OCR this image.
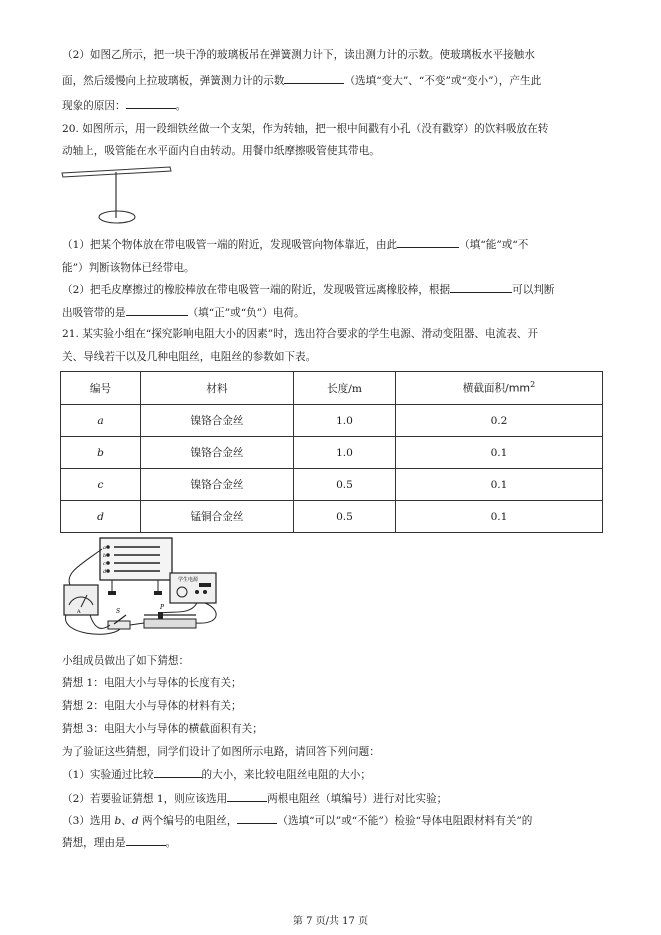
（2）如图乙所示，把一块干净的玻璃板吊在弹簧测力计下，读出测力计的示数。使玻璃板水平接触水

面，然后缓慢向上拉玻璃板，弹簧测力计的示数	（选填“变大”、“不变”或“变小”），产生此

现象的原因：	。

20. 如图所示，用一段细铁丝做一个支架，作为转轴，把一根中间戳有小孔（没有戳穿）的饮料吸放在转

动轴上，吸管能在水平面内自由转动。用餐巾纸摩擦吸管使其带电。

（1）把某个物体放在带电吸管一端的附近，发现吸管向物体靠近，由此	（填“能”或“不

能”）判断该物体已经带电。

（2）把毛皮摩擦过的橡胶棒放在带电吸管一端的附近，发现吸管远离橡胶棒，根据	可以判断

出吸管带的是	（填“正”或“负”）电荷。

21. 某实验小组在“探究影响电阻大小的因素”时，选出符合要求的学生电源、滑动变阻器、电流表、开

关、导线若干以及几种电阻丝，电阻丝的参数如下表。

编号	材料	长度/m	横截面积$/mm^2$
a	镍铬合金丝	1.0	0.2
b	镍铬合金丝	1.0	0.1
c	镍铬合金丝	0.5	0.1
d	锰铜合金丝	0.5	0.1
a
b
c
d
A
学生电源
S
P

小组成员做出了如下猜想：

猜想 1：电阻大小与导体的长度有关；

猜想 2：电阻大小与导体的材料有关；

猜想 3：电阻大小与导体的横截面积有关；

为了验证这些猜想，同学们设计了如图所示电路，请回答下列问题：

（1）实验通过比较	的大小，来比较电阻丝电阻的大小；

（2）若要验证猜想 1，则应该选用	两根电阻丝（填编号）进行对比实验；

（3）选用 b、d 两个编号的电阻丝，	（选填“可以”或“不能”）检验“导体电阻跟材料有关”的

猜想，理由是	。

第 7 页/共 17 页
